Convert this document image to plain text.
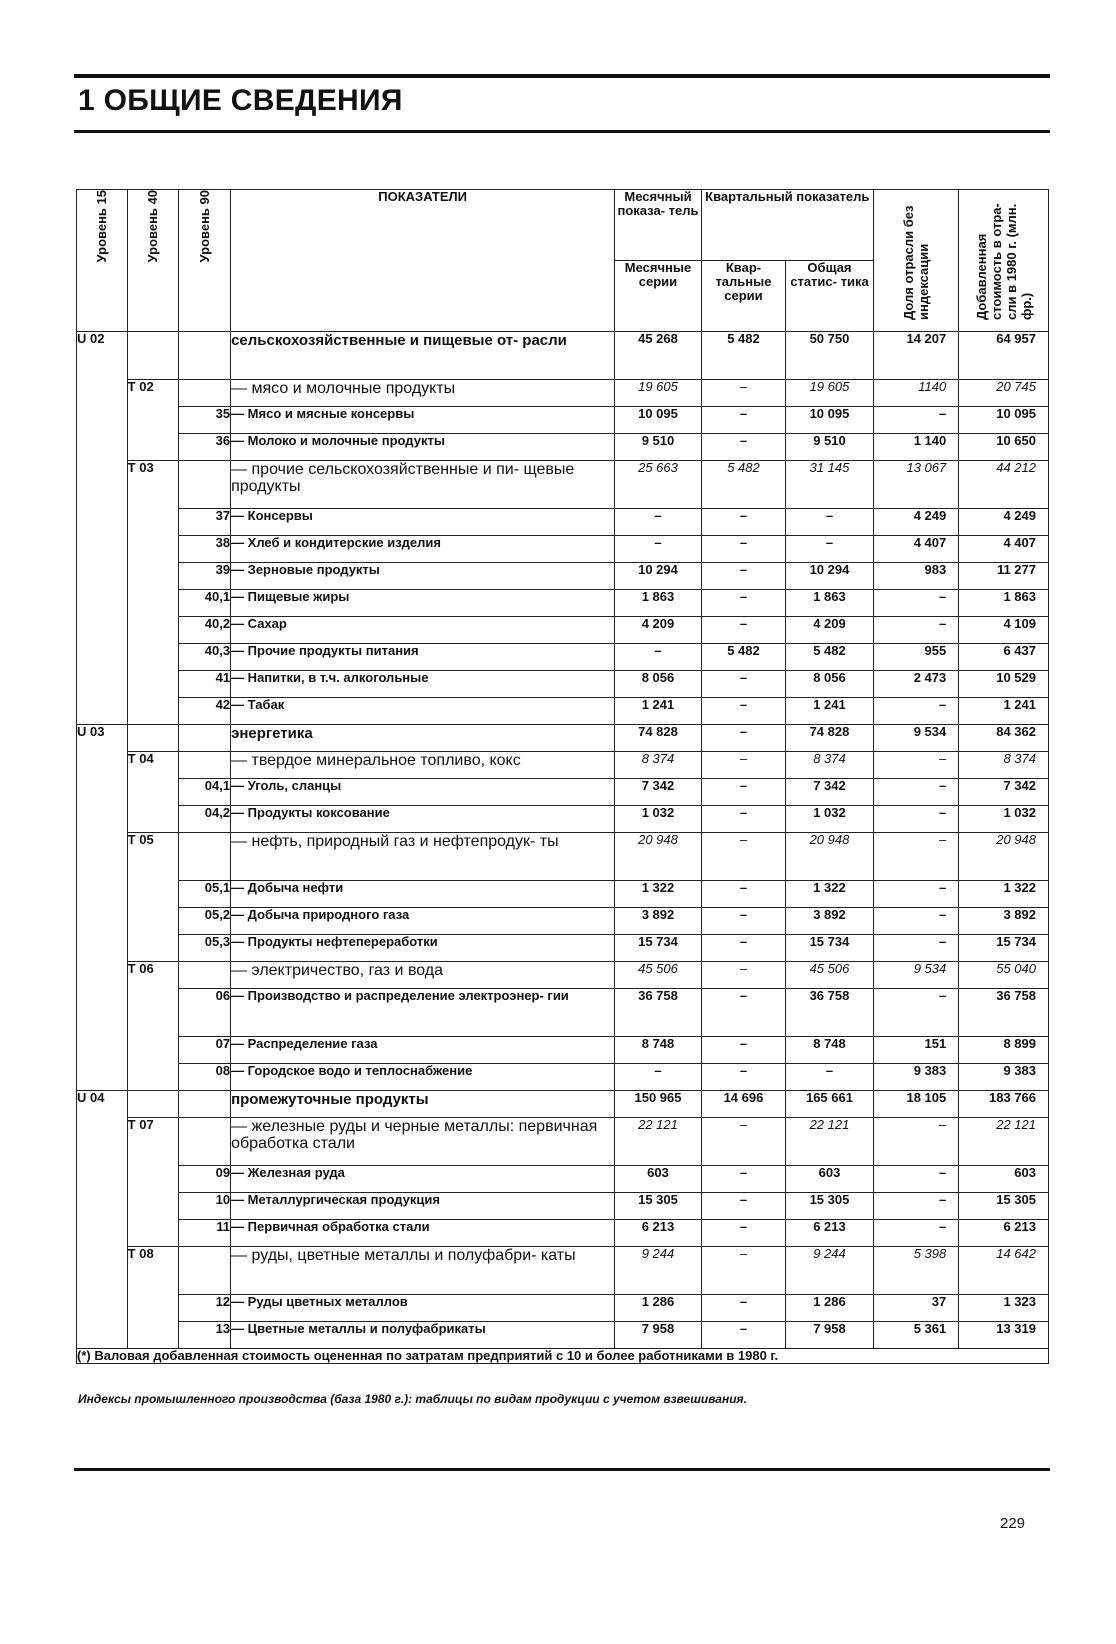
1 ОБЩИЕ СВЕДЕНИЯ
Уровень 15	Уровень 40	Уровень 90	ПОКАЗАТЕЛИ	Месячный показа- тель	Квартальный показатель		Доля отрасли без индексации	Добавленная стоимость в отра- сли в 1980 г. (млн. фр.)

				Месячные серии	Квар- тальные серии	Общая статис- тика		
U 02			сельскохозяйственные и пищевые от- расли	45 268	5 482	50 750	14 207	64 957
	T 02		— мясо и молочные продукты	19 605	–	19 605	1140	20 745
		35	— Мясо и мясные консервы	10 095	–	10 095	–	10 095
		36	— Молоко и молочные продукты	9 510	–	9 510	1 140	10 650
	T 03		— прочие сельскохозяйственные и пи- щевые продукты	25 663	5 482	31 145	13 067	44 212
		37	— Консервы	–	–	–	4 249	4 249
		38	— Хлеб и кондитерские изделия	–	–	–	4 407	4 407
		39	— Зерновые продукты	10 294	–	10 294	983	11 277
		40,1	— Пищевые жиры	1 863	–	1 863	–	1 863
		40,2	— Сахар	4 209	–	4 209	–	4 109
		40,3	— Прочие продукты питания	–	5 482	5 482	955	6 437
		41	— Напитки, в т.ч. алкогольные	8 056	–	8 056	2 473	10 529
		42	— Табак	1 241	–	1 241	–	1 241
U 03			энергетика	74 828	–	74 828	9 534	84 362
	T 04		— твердое минеральное топливо, кокс	8 374	–	8 374	–	8 374
		04,1	— Уголь, сланцы	7 342	–	7 342	–	7 342
		04,2	— Продукты коксование	1 032	–	1 032	–	1 032
	T 05		— нефть, природный газ и нефтепродук- ты	20 948	–	20 948	–	20 948
		05,1	— Добыча нефти	1 322	–	1 322	–	1 322
		05,2	— Добыча природного газа	3 892	–	3 892	–	3 892
		05,3	— Продукты нефтепереработки	15 734	–	15 734	–	15 734
	T 06		— электричество, газ и вода	45 506	–	45 506	9 534	55 040
		06	— Производство и распределение электроэнер- гии	36 758	–	36 758	–	36 758
		07	— Распределение газа	8 748	–	8 748	151	8 899
		08	— Городское водо и теплоснабжение	–	–	–	9 383	9 383
U 04			промежуточные продукты	150 965	14 696	165 661	18 105	183 766
	T 07		— железные руды и черные металлы: первичная обработка стали	22 121	–	22 121	–	22 121
		09	— Железная руда	603	–	603	–	603
		10	— Металлургическая продукция	15 305	–	15 305	–	15 305
		11	— Первичная обработка стали	6 213	–	6 213	–	6 213
	T 08		— руды, цветные металлы и полуфабри- каты	9 244	–	9 244	5 398	14 642
		12	— Руды цветных металлов	1 286	–	1 286	37	1 323
		13	— Цветные металлы и полуфабрикаты	7 958	–	7 958	5 361	13 319
(*) Валовая добавленная стоимость оцененная по затратам предприятий с 10 и более работниками в 1980 г.								
Индексы промышленного производства (база 1980 г.): таблицы по видам продукции с учетом взвешивания.
229
